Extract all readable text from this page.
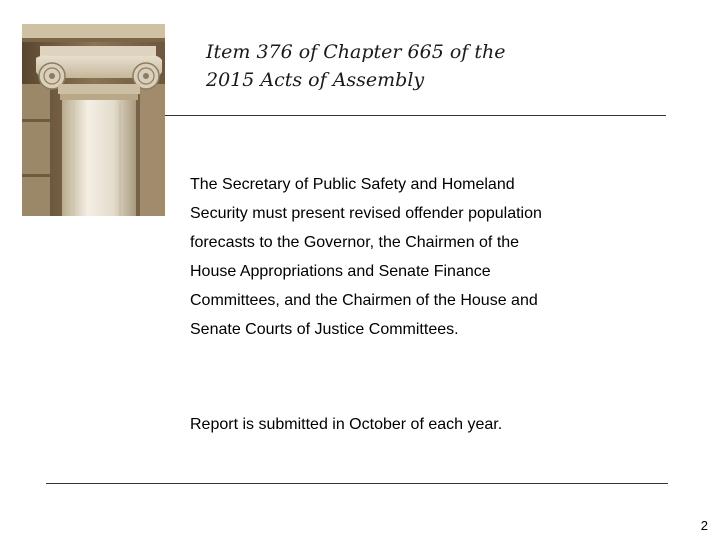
Item 376 of Chapter 665 of the
2015 Acts of Assembly
The Secretary of Public Safety and Homeland
Security must present revised offender population
forecasts to the Governor, the Chairmen of the
House Appropriations and Senate Finance
Committees, and the Chairmen of the House and
Senate Courts of Justice Committees.
Report is submitted in October of each year.
2
